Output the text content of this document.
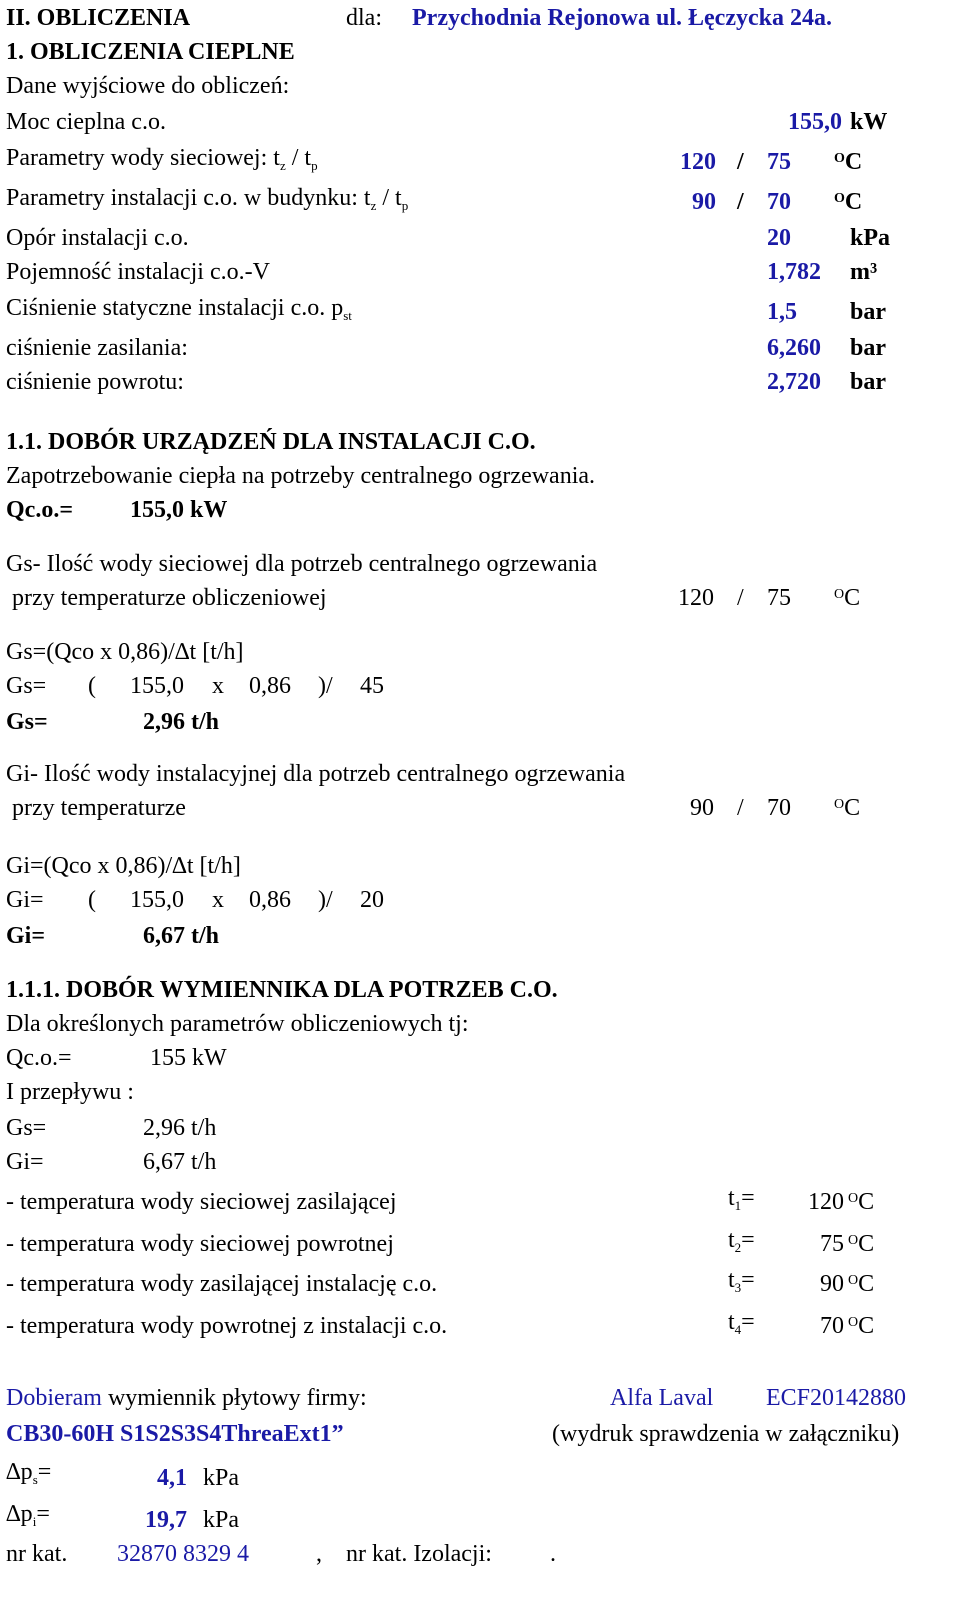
II. OBLICZENIA	dla: Przychodnia Rejonowa ul. Łęczycka 24a.
1. OBLICZENIA CIEPLNE
Dane wyjściowe do obliczeń:
Moc cieplna c.o.	155,0 kW
Parametry wody sieciowej: $t_z / t_p$	120 / 75	$^O$C
Parametry instalacji c.o. w budynku: $t_z / t_p$	90 / 70	$^O$C
Opór instalacji c.o.	20 kPa
Pojemność instalacji c.o.-V	1,782 m³
Ciśnienie statyczne instalacji c.o. $p_{st}$	1,5 bar
ciśnienie zasilania:	6,260 bar
ciśnienie powrotu:	2,720 bar
1.1. DOBÓR URZĄDZEŃ DLA INSTALACJI C.O.
Zapotrzebowanie ciepła na potrzeby centralnego ogrzewania.
Qc.o.= 155,0 kW
Gs- Ilość wody sieciowej dla potrzeb centralnego ogrzewania
przy temperaturze obliczeniowej	120 / 75	$^O$C
Gs=(Qco x 0,86)/∆t [t/h]
Gs= ( 155,0 x 0,86 )/ 45
Gs=	2,96 t/h
Gi- Ilość wody instalacyjnej dla potrzeb centralnego ogrzewania
przy temperaturze	90 / 70	$^O$C
Gi=(Qco x 0,86)/∆t [t/h]
Gi= ( 155,0 x 0,86 )/ 20
Gi=	6,67 t/h
1.1.1. DOBÓR WYMIENNIKA DLA POTRZEB C.O.
Dla określonych parametrów obliczeniowych tj:
Qc.o.=	155 kW
I przepływu :
Gs=	2,96 t/h
Gi=	6,67 t/h
- temperatura wody sieciowej zasilającej	$t_1=$	120 $^O$C
- temperatura wody sieciowej powrotnej	$t_2=$	75 $^O$C
- temperatura wody zasilającej instalację c.o.	$t_3=$	90 $^O$C
- temperatura wody powrotnej z instalacji c.o.	$t_4=$	70 $^O$C
Dobieram wymiennik płytowy firmy:	Alfa Laval ECF20142880
CB30-60H S1S2S3S4ThreaExt1”	(wydruk sprawdzenia w załączniku)
$\Delta p_s=$	4,1 kPa
$\Delta p_i=$	19,7 kPa
nr kat. 32870 8329 4	, nr kat. Izolacji: .
